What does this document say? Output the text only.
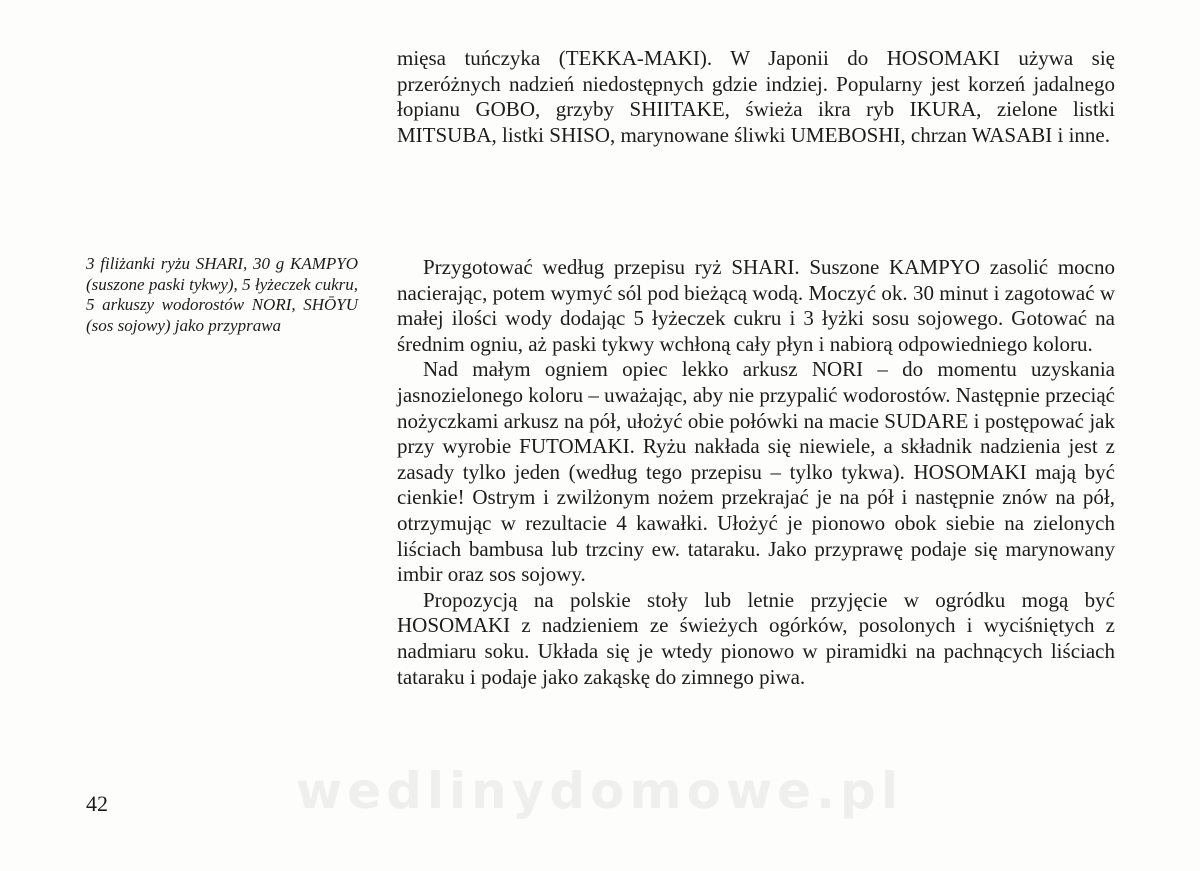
mięsa tuńczyka (TEKKA-MAKI). W Japonii do HOSOMAKI używa się przeróżnych nadzień niedostępnych gdzie indziej. Popularny jest korzeń jadalnego łopianu GOBO, grzyby SHIITAKE, świeża ikra ryb IKURA, zielone listki MITSUBA, listki SHISO, marynowane śliwki UMEBOSHI, chrzan WASABI i inne.

3 filiżanki ryżu SHARI, 30 g KAMPYO (suszone paski tykwy), 5 łyżeczek cukru, 5 arkuszy wodorostów NORI, SHŌYU (sos sojowy) jako przyprawa

Przygotować według przepisu ryż SHARI. Suszone KAMPYO zasolić mocno nacierając, potem wymyć sól pod bieżącą wodą. Moczyć ok. 30 minut i zagotować w małej ilości wody dodając 5 łyżeczek cukru i 3 łyżki sosu sojowego. Gotować na średnim ogniu, aż paski tykwy wchłoną cały płyn i nabiorą odpowiedniego koloru.

Nad małym ogniem opiec lekko arkusz NORI – do momentu uzyskania jasnozielonego koloru – uważając, aby nie przypalić wodorostów. Następnie przeciąć nożyczkami arkusz na pół, ułożyć obie połówki na macie SUDARE i postępować jak przy wyrobie FUTOMAKI. Ryżu nakłada się niewiele, a składnik nadzienia jest z zasady tylko jeden (według tego przepisu – tylko tykwa). HOSOMAKI mają być cienkie! Ostrym i zwilżonym nożem przekrajać je na pół i następnie znów na pół, otrzymując w rezultacie 4 kawałki. Ułożyć je pionowo obok siebie na zielonych liściach bambusa lub trzciny ew. tataraku. Jako przyprawę podaje się marynowany imbir oraz sos sojowy.

Propozycją na polskie stoły lub letnie przyjęcie w ogródku mogą być HOSOMAKI z nadzieniem ze świeżych ogórków, posolonych i wyciśniętych z nadmiaru soku. Układa się je wtedy pionowo w piramidki na pachnących liściach tataraku i podaje jako zakąskę do zimnego piwa.

wedlinydomowe.pl

42
